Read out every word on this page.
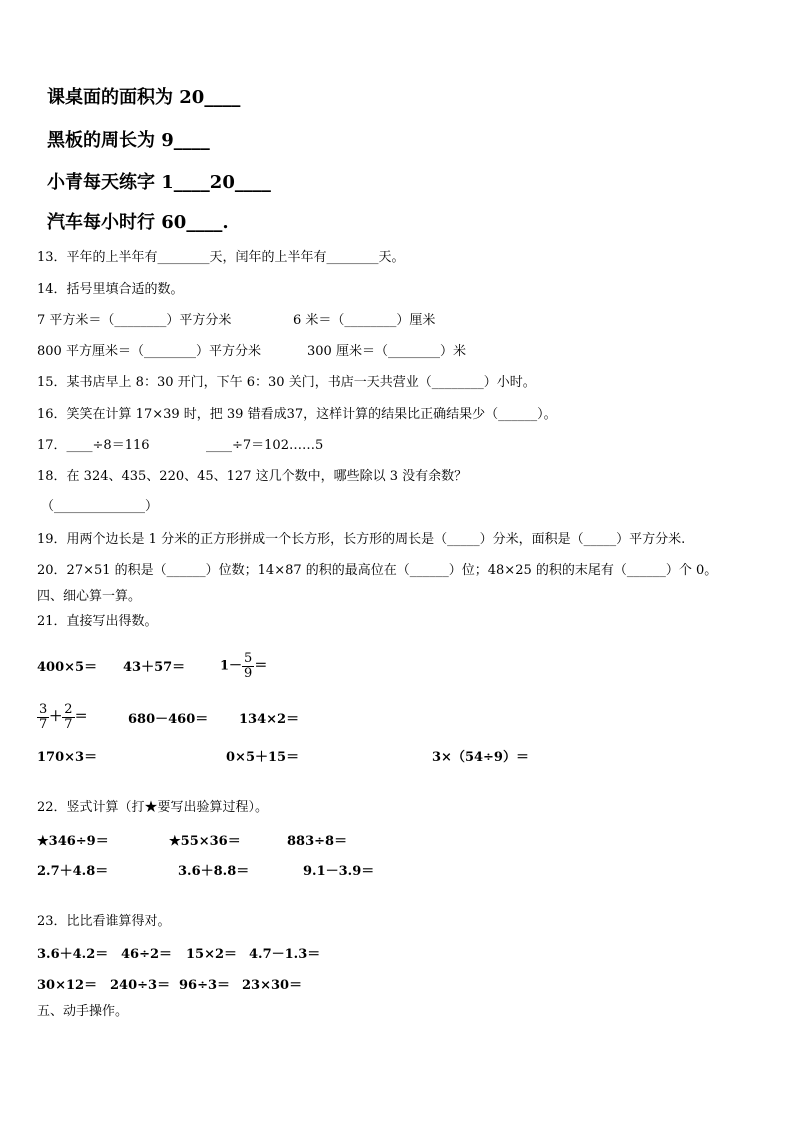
课桌面的面积为 20____
黑板的周长为 9____
小青每天练字 1____20____
汽车每小时行 60____.
13．平年的上半年有________天，闰年的上半年有________天。
14．括号里填合适的数。
7 平方米＝（________）平方分米	6 米＝（________）厘米
800 平方厘米＝（________）平方分米	300 厘米＝（________）米
15．某书店早上 8：30 开门，下午 6：30 关门，书店一天共营业（________）小时。
16．笑笑在计算 17×39 时，把 39 错看成37，这样计算的结果比正确结果少（______）。
17．____÷8＝116	____÷7＝102……5
18．在 324、435、220、45、127 这几个数中，哪些除以 3 没有余数？
（______________）
19．用两个边长是 1 分米的正方形拼成一个长方形，长方形的周长是（_____）分米，面积是（_____）平方分米.
20．27×51 的积是（______）位数；14×87 的积的最高位在（______）位；48×25 的积的末尾有（______）个 0。
四、细心算一算。
21．直接写出得数。
400×5＝ 43＋57＝	$1- \frac{5}{9}$ ＝
$\frac{3}{7} + \frac{2}{7}$ ＝	680－460＝ 134×2＝
170×3＝	0×5＋15＝	3×（54÷9）＝
22．竖式计算（打★要写出验算过程）。
★346÷9＝	★55×36＝	883÷8＝
2.7＋4.8＝	3.6＋8.8＝	9.1－3.9＝
23．比比看谁算得对。
3.6＋4.2＝ 46÷2＝ 15×2＝ 4.7－1.3＝
30×12＝ 240÷3＝ 96÷3＝ 23×30＝
五、动手操作。
